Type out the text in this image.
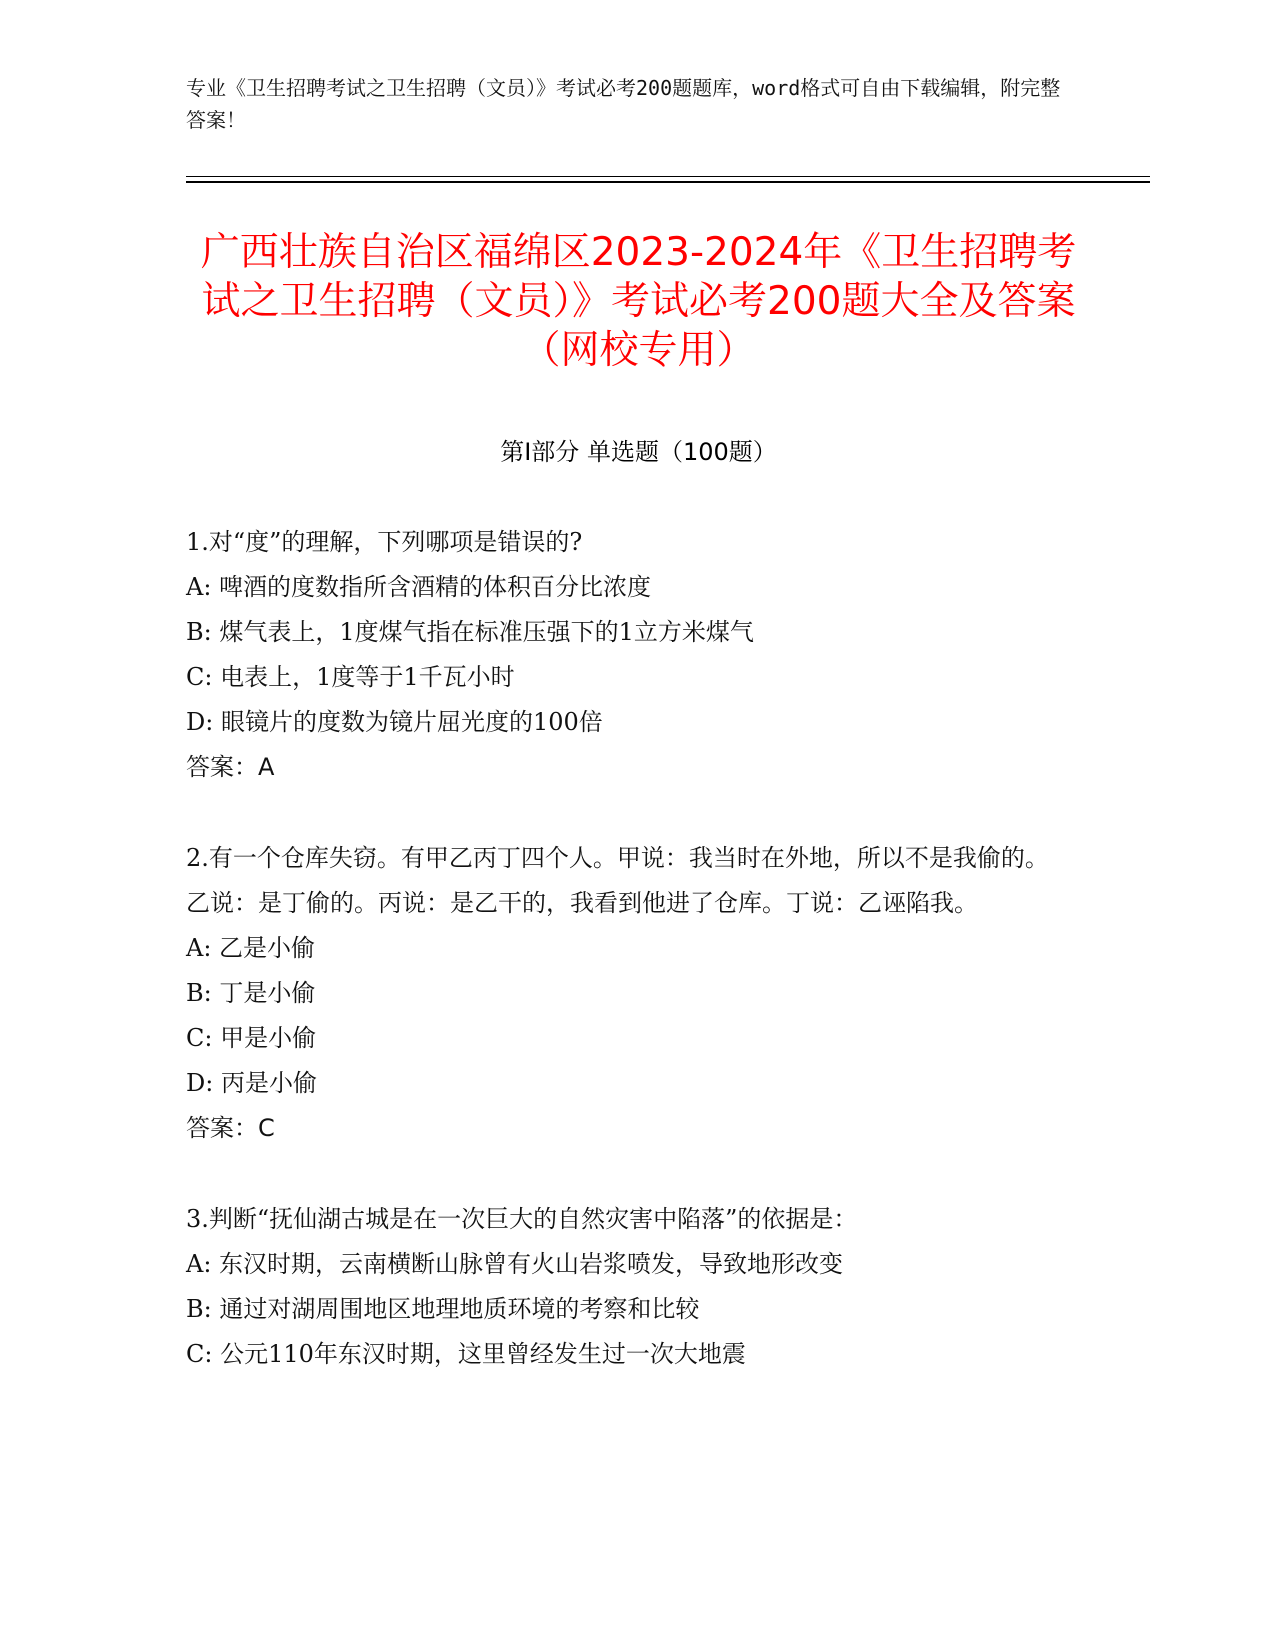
专业《卫生招聘考试之卫生招聘（文员）》考试必考200题题库，word格式可自由下载编辑，附完整答案！
广西壮族自治区福绵区2023-2024年《卫生招聘考试之卫生招聘（文员）》考试必考200题大全及答案（网校专用）
第Ⅰ部分 单选题（100题）

1.对“度”的理解，下列哪项是错误的?

A: 啤酒的度数指所含酒精的体积百分比浓度

B: 煤气表上，1度煤气指在标准压强下的1立方米煤气

C: 电表上，1度等于1千瓦小时

D: 眼镜片的度数为镜片屈光度的100倍

答案：A

2.有一个仓库失窃。有甲乙丙丁四个人。甲说：我当时在外地，所以不是我偷的。乙说：是丁偷的。丙说：是乙干的，我看到他进了仓库。丁说：乙诬陷我。

A: 乙是小偷

B: 丁是小偷

C: 甲是小偷

D: 丙是小偷

答案：C

3.判断“抚仙湖古城是在一次巨大的自然灾害中陷落”的依据是：

A: 东汉时期，云南横断山脉曾有火山岩浆喷发，导致地形改变

B: 通过对湖周围地区地理地质环境的考察和比较

C: 公元110年东汉时期，这里曾经发生过一次大地震
